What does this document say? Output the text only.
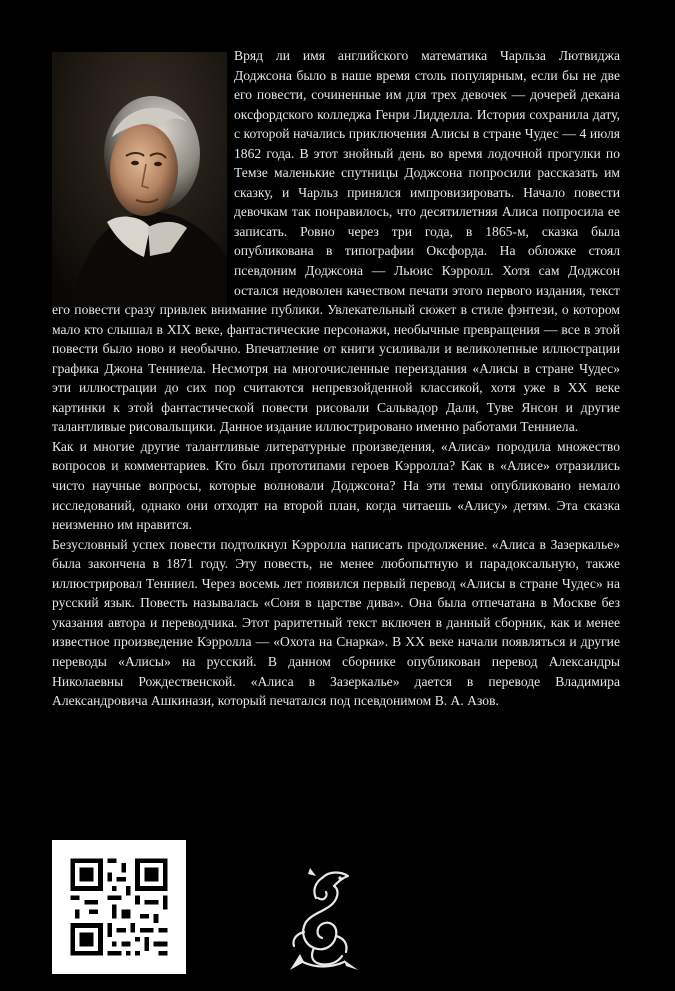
Вряд ли имя английского математика Чарльза Лютвиджа Доджсона было в наше время столь популярным, если бы не две его повести, сочиненные им для трех девочек — дочерей декана оксфордского колледжа Генри Лидделла. История сохранила дату, с которой начались приключения Алисы в стране Чудес — 4 июля 1862 года. В этот знойный день во время лодочной прогулки по Темзе маленькие спутницы Доджсона попросили рассказать им сказку, и Чарльз принялся импровизировать. Начало повести девочкам так понравилось, что десятилетняя Алиса попросила ее записать. Ровно через три года, в 1865-м, сказка была опубликована в типографии Оксфорда. На обложке стоял псевдоним Доджсона — Льюис Кэрролл. Хотя сам Доджсон остался недоволен качеством печати этого первого издания, текст его повести сразу привлек внимание публики. Увлекательный сюжет в стиле фэнтези, о котором мало кто слышал в XIX веке, фантастические персонажи, необычные превращения — все в этой повести было ново и необычно. Впечатление от книги усиливали и великолепные иллюстрации графика Джона Тенниела. Несмотря на многочисленные переиздания «Алисы в стране Чудес» эти иллюстрации до сих пор считаются непревзойденной классикой, хотя уже в XX веке картинки к этой фантастической повести рисовали Сальвадор Дали, Туве Янсон и другие талантливые рисовальщики. Данное издание иллюстрировано именно работами Тенниела.

Как и многие другие талантливые литературные произведения, «Алиса» породила множество вопросов и комментариев. Кто был прототипами героев Кэрролла? Как в «Алисе» отразились чисто научные вопросы, которые волновали Доджсона? На эти темы опубликовано немало исследований, однако они отходят на второй план, когда читаешь «Алису» детям. Эта сказка неизменно им нравится.

Безусловный успех повести подтолкнул Кэрролла написать продолжение. «Алиса в Зазеркалье» была закончена в 1871 году. Эту повесть, не менее любопытную и парадоксальную, также иллюстрировал Тенниел. Через восемь лет появился первый перевод «Алисы в стране Чудес» на русский язык. Повесть называлась «Соня в царстве дива». Она была отпечатана в Москве без указания автора и переводчика. Этот раритетный текст включен в данный сборник, как и менее известное произведение Кэрролла — «Охота на Снарка». В XX веке начали появляться и другие переводы «Алисы» на русский. В данном сборнике опубликован перевод Александры Николаевны Рождественской. «Алиса в Зазеркалье» дается в переводе Владимира Александровича Ашкинази, который печатался под псевдонимом В. А. Азов.
